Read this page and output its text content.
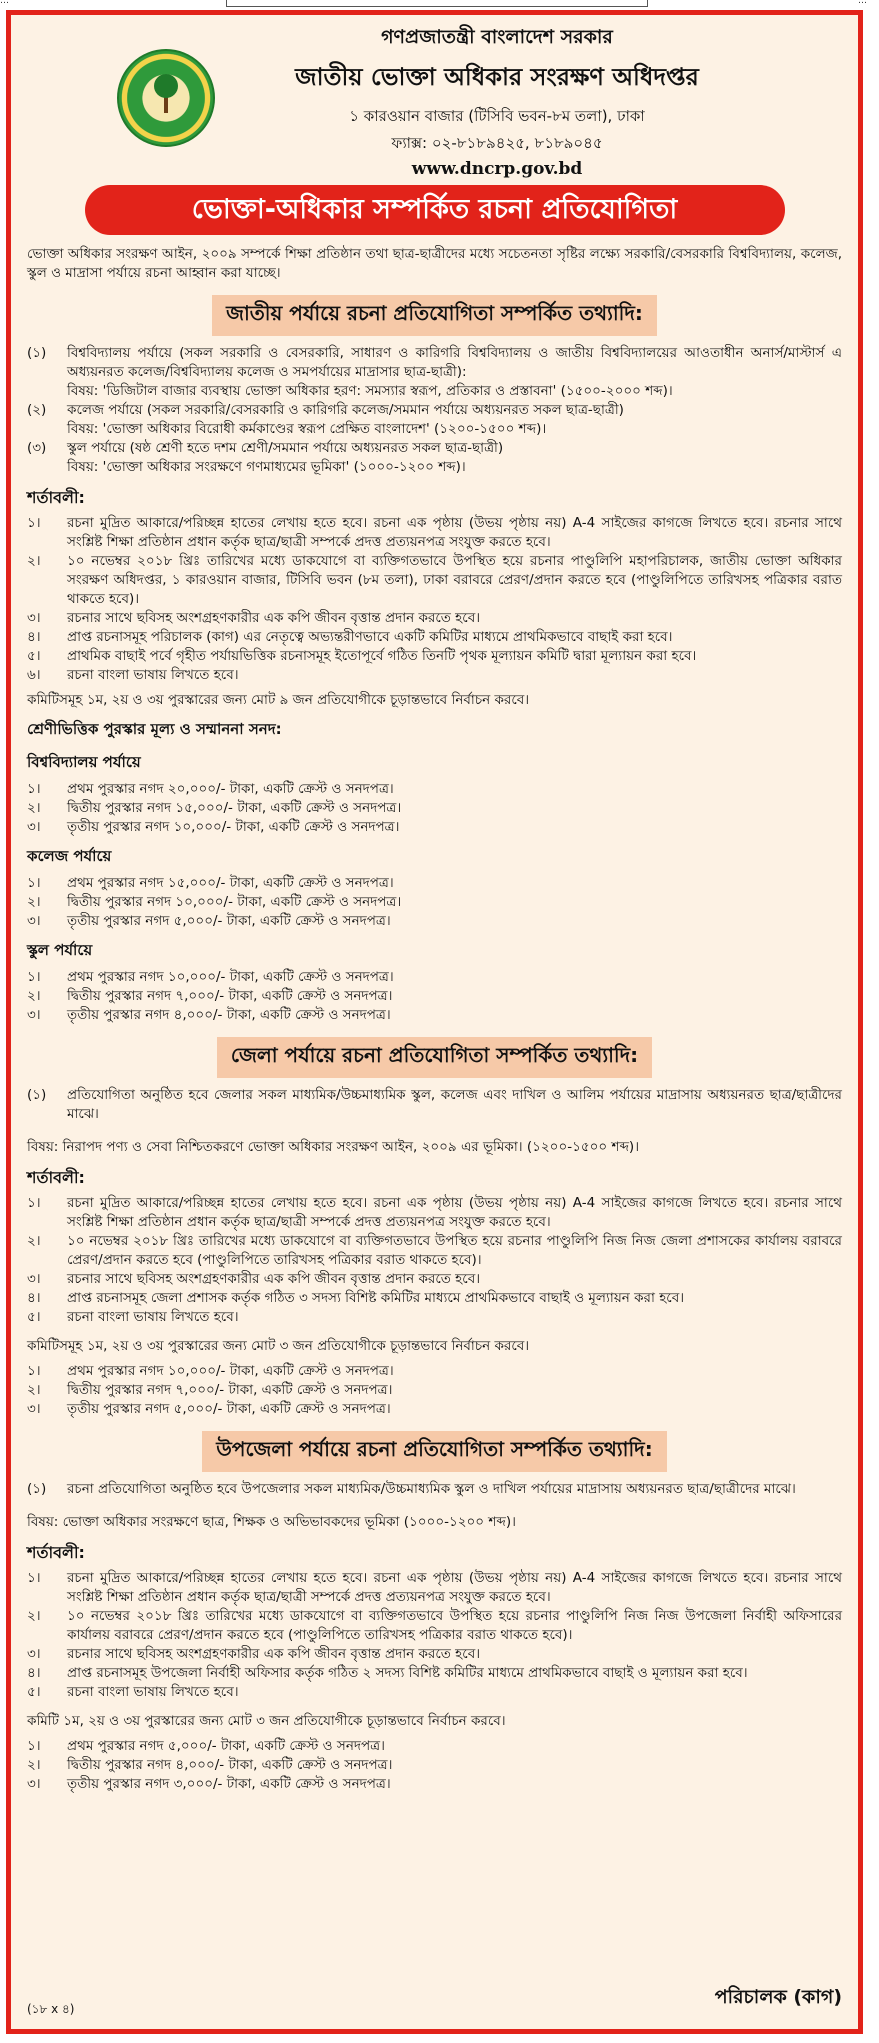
…	…
গণপ্রজাতন্ত্রী বাংলাদেশ সরকার
জাতীয় ভোক্তা অধিকার সংরক্ষণ অধিদপ্তর
১ কারওয়ান বাজার (টিসিবি ভবন-৮ম তলা), ঢাকা
ফ্যাক্স: ০২-৮১৮৯৪২৫, ৮১৮৯০৪৫
www.dncrp.gov.bd
ভোক্তা-অধিকার সম্পর্কিত রচনা প্রতিযোগিতা

ভোক্তা অধিকার সংরক্ষণ আইন, ২০০৯ সম্পর্কে শিক্ষা প্রতিষ্ঠান তথা ছাত্র-ছাত্রীদের মধ্যে সচেতনতা সৃষ্টির লক্ষ্যে সরকারি/বেসরকারি বিশ্ববিদ্যালয়, কলেজ, স্কুল ও মাদ্রাসা পর্যায়ে রচনা আহ্বান করা যাচ্ছে।

জাতীয় পর্যায়ে রচনা প্রতিযোগিতা সম্পর্কিত তথ্যাদি:
(১)	বিশ্ববিদ্যালয় পর্যায়ে (সকল সরকারি ও বেসরকারি, সাধারণ ও কারিগরি বিশ্ববিদ্যালয় ও জাতীয় বিশ্ববিদ্যালয়ের আওতাধীন অনার্স/মাস্টার্স এ অধ্যয়নরত কলেজ/বিশ্ববিদ্যালয় কলেজ ও সমপর্যায়ের মাদ্রাসার ছাত্র-ছাত্রী):
বিষয়: 'ডিজিটাল বাজার ব্যবস্থায় ভোক্তা অধিকার হরণ: সমস্যার স্বরূপ, প্রতিকার ও প্রস্তাবনা' (১৫০০-২০০০ শব্দ)।
(২)	কলেজ পর্যায়ে (সকল সরকারি/বেসরকারি ও কারিগরি কলেজ/সমমান পর্যায়ে অধ্যয়নরত সকল ছাত্র-ছাত্রী)
বিষয়: 'ভোক্তা অধিকার বিরোধী কর্মকাণ্ডের স্বরূপ প্রেক্ষিত বাংলাদেশ' (১২০০-১৫০০ শব্দ)।
(৩)	স্কুল পর্যায়ে (ষষ্ঠ শ্রেণী হতে দশম শ্রেণী/সমমান পর্যায়ে অধ্যয়নরত সকল ছাত্র-ছাত্রী)
বিষয়: 'ভোক্তা অধিকার সংরক্ষণে গণমাধ্যমের ভূমিকা' (১০০০-১২০০ শব্দ)।
শর্তাবলী:
১।	রচনা মুদ্রিত আকারে/পরিচ্ছন্ন হাতের লেখায় হতে হবে। রচনা এক পৃষ্ঠায় (উভয় পৃষ্ঠায় নয়) A-4 সাইজের কাগজে লিখতে হবে। রচনার সাথে সংশ্লিষ্ট শিক্ষা প্রতিষ্ঠান প্রধান কর্তৃক ছাত্র/ছাত্রী সম্পর্কে প্রদত্ত প্রত্যয়নপত্র সংযুক্ত করতে হবে।
২।	১০ নভেম্বর ২০১৮ খ্রিঃ তারিখের মধ্যে ডাকযোগে বা ব্যক্তিগতভাবে উপস্থিত হয়ে রচনার পাণ্ডুলিপি মহাপরিচালক, জাতীয় ভোক্তা অধিকার সংরক্ষণ অধিদপ্তর, ১ কারওয়ান বাজার, টিসিবি ভবন (৮ম তলা), ঢাকা বরাবরে প্রেরণ/প্রদান করতে হবে (পাণ্ডুলিপিতে তারিখসহ পত্রিকার বরাত থাকতে হবে)।
৩।	রচনার সাথে ছবিসহ অংশগ্রহণকারীর এক কপি জীবন বৃত্তান্ত প্রদান করতে হবে।
৪।	প্রাপ্ত রচনাসমূহ পরিচালক (কাগ) এর নেতৃত্বে অভ্যন্তরীণভাবে একটি কমিটির মাধ্যমে প্রাথমিকভাবে বাছাই করা হবে।
৫।	প্রাথমিক বাছাই পর্বে গৃহীত পর্যায়ভিত্তিক রচনাসমূহ ইতোপূর্বে গঠিত তিনটি পৃথক মূল্যায়ন কমিটি দ্বারা মূল্যায়ন করা হবে।
৬।	রচনা বাংলা ভাষায় লিখতে হবে।

কমিটিসমূহ ১ম, ২য় ও ৩য় পুরস্কারের জন্য মোট ৯ জন প্রতিযোগীকে চূড়ান্তভাবে নির্বাচন করবে।

শ্রেণীভিত্তিক পুরস্কার মূল্য ও সম্মাননা সনদ:
বিশ্ববিদ্যালয় পর্যায়ে
১।	প্রথম পুরস্কার নগদ ২০,০০০/- টাকা, একটি ক্রেস্ট ও সনদপত্র।
২।	দ্বিতীয় পুরস্কার নগদ ১৫,০০০/- টাকা, একটি ক্রেস্ট ও সনদপত্র।
৩।	তৃতীয় পুরস্কার নগদ ১০,০০০/- টাকা, একটি ক্রেস্ট ও সনদপত্র।
কলেজ পর্যায়ে
১।	প্রথম পুরস্কার নগদ ১৫,০০০/- টাকা, একটি ক্রেস্ট ও সনদপত্র।
২।	দ্বিতীয় পুরস্কার নগদ ১০,০০০/- টাকা, একটি ক্রেস্ট ও সনদপত্র।
৩।	তৃতীয় পুরস্কার নগদ ৫,০০০/- টাকা, একটি ক্রেস্ট ও সনদপত্র।
স্কুল পর্যায়ে
১।	প্রথম পুরস্কার নগদ ১০,০০০/- টাকা, একটি ক্রেস্ট ও সনদপত্র।
২।	দ্বিতীয় পুরস্কার নগদ ৭,০০০/- টাকা, একটি ক্রেস্ট ও সনদপত্র।
৩।	তৃতীয় পুরস্কার নগদ ৪,০০০/- টাকা, একটি ক্রেস্ট ও সনদপত্র।
জেলা পর্যায়ে রচনা প্রতিযোগিতা সম্পর্কিত তথ্যাদি:
(১)	প্রতিযোগিতা অনুষ্ঠিত হবে জেলার সকল মাধ্যমিক/উচ্চমাধ্যমিক স্কুল, কলেজ এবং দাখিল ও আলিম পর্যায়ের মাদ্রাসায় অধ্যয়নরত ছাত্র/ছাত্রীদের মাঝে।

বিষয়: নিরাপদ পণ্য ও সেবা নিশ্চিতকরণে ভোক্তা অধিকার সংরক্ষণ আইন, ২০০৯ এর ভূমিকা। (১২০০-১৫০০ শব্দ)।

শর্তাবলী:
১।	রচনা মুদ্রিত আকারে/পরিচ্ছন্ন হাতের লেখায় হতে হবে। রচনা এক পৃষ্ঠায় (উভয় পৃষ্ঠায় নয়) A-4 সাইজের কাগজে লিখতে হবে। রচনার সাথে সংশ্লিষ্ট শিক্ষা প্রতিষ্ঠান প্রধান কর্তৃক ছাত্র/ছাত্রী সম্পর্কে প্রদত্ত প্রত্যয়নপত্র সংযুক্ত করতে হবে।
২।	১০ নভেম্বর ২০১৮ খ্রিঃ তারিখের মধ্যে ডাকযোগে বা ব্যক্তিগতভাবে উপস্থিত হয়ে রচনার পাণ্ডুলিপি নিজ নিজ জেলা প্রশাসকের কার্যালয় বরাবরে প্রেরণ/প্রদান করতে হবে (পাণ্ডুলিপিতে তারিখসহ পত্রিকার বরাত থাকতে হবে)।
৩।	রচনার সাথে ছবিসহ অংশগ্রহণকারীর এক কপি জীবন বৃত্তান্ত প্রদান করতে হবে।
৪।	প্রাপ্ত রচনাসমূহ জেলা প্রশাসক কর্তৃক গঠিত ৩ সদস্য বিশিষ্ট কমিটির মাধ্যমে প্রাথমিকভাবে বাছাই ও মূল্যায়ন করা হবে।
৫।	রচনা বাংলা ভাষায় লিখতে হবে।

কমিটিসমূহ ১ম, ২য় ও ৩য় পুরস্কারের জন্য মোট ৩ জন প্রতিযোগীকে চূড়ান্তভাবে নির্বাচন করবে।

১।	প্রথম পুরস্কার নগদ ১০,০০০/- টাকা, একটি ক্রেস্ট ও সনদপত্র।
২।	দ্বিতীয় পুরস্কার নগদ ৭,০০০/- টাকা, একটি ক্রেস্ট ও সনদপত্র।
৩।	তৃতীয় পুরস্কার নগদ ৫,০০০/- টাকা, একটি ক্রেস্ট ও সনদপত্র।
উপজেলা পর্যায়ে রচনা প্রতিযোগিতা সম্পর্কিত তথ্যাদি:
(১)	রচনা প্রতিযোগিতা অনুষ্ঠিত হবে উপজেলার সকল মাধ্যমিক/উচ্চমাধ্যমিক স্কুল ও দাখিল পর্যায়ের মাদ্রাসায় অধ্যয়নরত ছাত্র/ছাত্রীদের মাঝে।

বিষয়: ভোক্তা অধিকার সংরক্ষণে ছাত্র, শিক্ষক ও অভিভাবকদের ভূমিকা (১০০০-১২০০ শব্দ)।

শর্তাবলী:
১।	রচনা মুদ্রিত আকারে/পরিচ্ছন্ন হাতের লেখায় হতে হবে। রচনা এক পৃষ্ঠায় (উভয় পৃষ্ঠায় নয়) A-4 সাইজের কাগজে লিখতে হবে। রচনার সাথে সংশ্লিষ্ট শিক্ষা প্রতিষ্ঠান প্রধান কর্তৃক ছাত্র/ছাত্রী সম্পর্কে প্রদত্ত প্রত্যয়নপত্র সংযুক্ত করতে হবে।
২।	১০ নভেম্বর ২০১৮ খ্রিঃ তারিখের মধ্যে ডাকযোগে বা ব্যক্তিগতভাবে উপস্থিত হয়ে রচনার পাণ্ডুলিপি নিজ নিজ উপজেলা নির্বাহী অফিসারের কার্যালয় বরাবরে প্রেরণ/প্রদান করতে হবে (পাণ্ডুলিপিতে তারিখসহ পত্রিকার বরাত থাকতে হবে)।
৩।	রচনার সাথে ছবিসহ অংশগ্রহণকারীর এক কপি জীবন বৃত্তান্ত প্রদান করতে হবে।
৪।	প্রাপ্ত রচনাসমূহ উপজেলা নির্বাহী অফিসার কর্তৃক গঠিত ২ সদস্য বিশিষ্ট কমিটির মাধ্যমে প্রাথমিকভাবে বাছাই ও মূল্যায়ন করা হবে।
৫।	রচনা বাংলা ভাষায় লিখতে হবে।

কমিটি ১ম, ২য় ও ৩য় পুরস্কারের জন্য মোট ৩ জন প্রতিযোগীকে চূড়ান্তভাবে নির্বাচন করবে।

১।	প্রথম পুরস্কার নগদ ৫,০০০/- টাকা, একটি ক্রেস্ট ও সনদপত্র।
২।	দ্বিতীয় পুরস্কার নগদ ৪,০০০/- টাকা, একটি ক্রেস্ট ও সনদপত্র।
৩।	তৃতীয় পুরস্কার নগদ ৩,০০০/- টাকা, একটি ক্রেস্ট ও সনদপত্র।
(১৮ x ৪)
পরিচালক (কাগ)
